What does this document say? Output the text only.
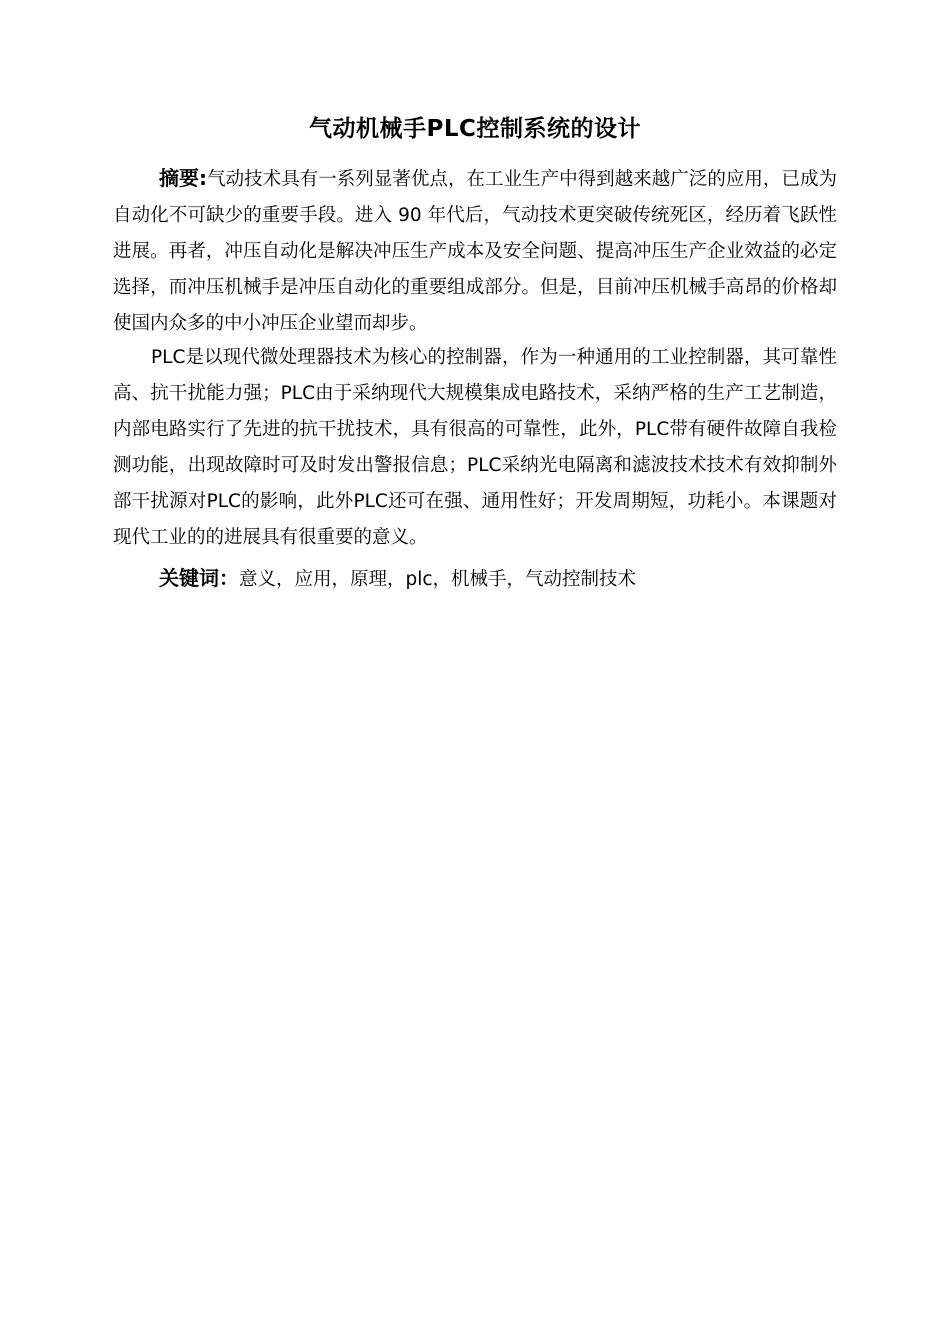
气动机械手PLC控制系统的设计
摘要:气动技术具有一系列显著优点，在工业生产中得到越来越广泛的应用，已成为自动化不可缺少的重要手段。进入 90 年代后，气动技术更突破传统死区，经历着飞跃性进展。再者，冲压自动化是解决冲压生产成本及安全问题、提高冲压生产企业效益的必定选择，而冲压机械手是冲压自动化的重要组成部分。但是，目前冲压机械手高昂的价格却使国内众多的中小冲压企业望而却步。
PLC是以现代微处理器技术为核心的控制器，作为一种通用的工业控制器，其可靠性高、抗干扰能力强；PLC由于采纳现代大规模集成电路技术，采纳严格的生产工艺制造，内部电路实行了先进的抗干扰技术，具有很高的可靠性，此外，PLC带有硬件故障自我检测功能，出现故障时可及时发出警报信息；PLC采纳光电隔离和滤波技术技术有效抑制外部干扰源对PLC的影响，此外PLC还可在强、通用性好；开发周期短，功耗小。本课题对现代工业的的进展具有很重要的意义。
关键词：意义，应用，原理，plc，机械手，气动控制技术
